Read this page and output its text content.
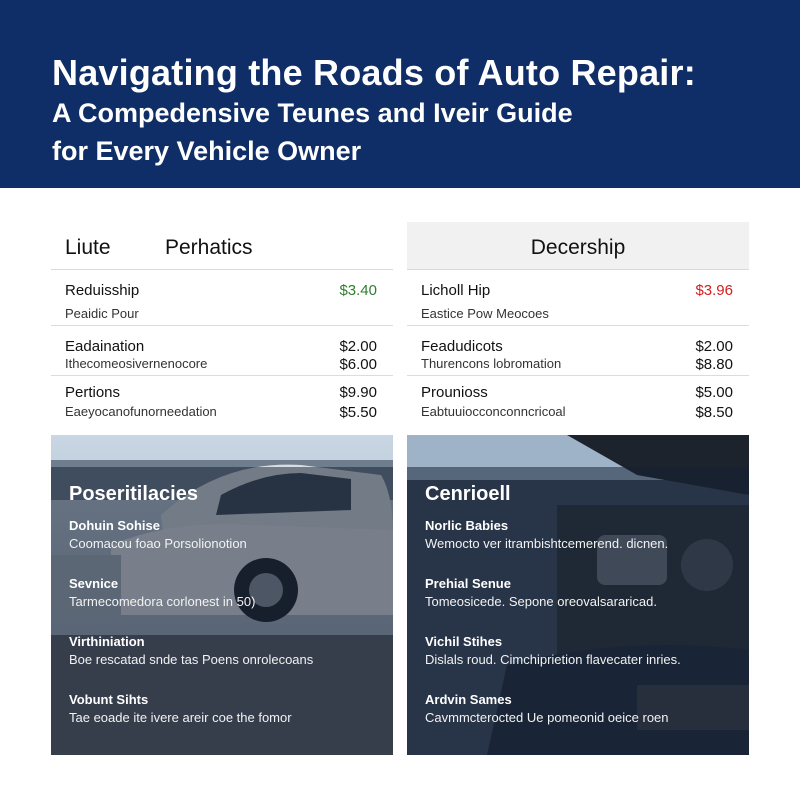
Navigating the Roads of Auto Repair:
A Compedensive Teunes and Iveir Guide
for Every Vehicle Owner
Liute	Perhatics
Reduisship
Peaidic Pour
$3.40
Eadaination
Ithecomeosivernenocore
$2.00
$6.00
Pertions
Eaeyocanofunorneedation
$9.90
$5.50
Decership
Licholl Hip
Eastice Pow Meocoes
$3.96
Feadudicots
Thurencons lobromation
$2.00
$8.80
Prounioss
Eabtuuiocconconncricoal
$5.00
$8.50
Poseritilacies
Dohuin Sohise
Coomacou foao Porsolionotion
Sevnice
Tarmecomedora corlonest in 50)
Virthiniation
Boe rescatad snde tas Poens onrolecoans
Vobunt Sihts
Tae eoade ite ivere areir coe the fomor
Cenrioell
Norlic Babies
Wemocto ver itrambishtcemerend. dicnen.
Prehial Senue
Tomeosicede. Sepone oreovalsararicad.
Vichil Stihes
Dislals roud. Cimchiprietion flavecater inries.
Ardvin Sames
Cavmmcterocted Ue pomeonid oeice roen
